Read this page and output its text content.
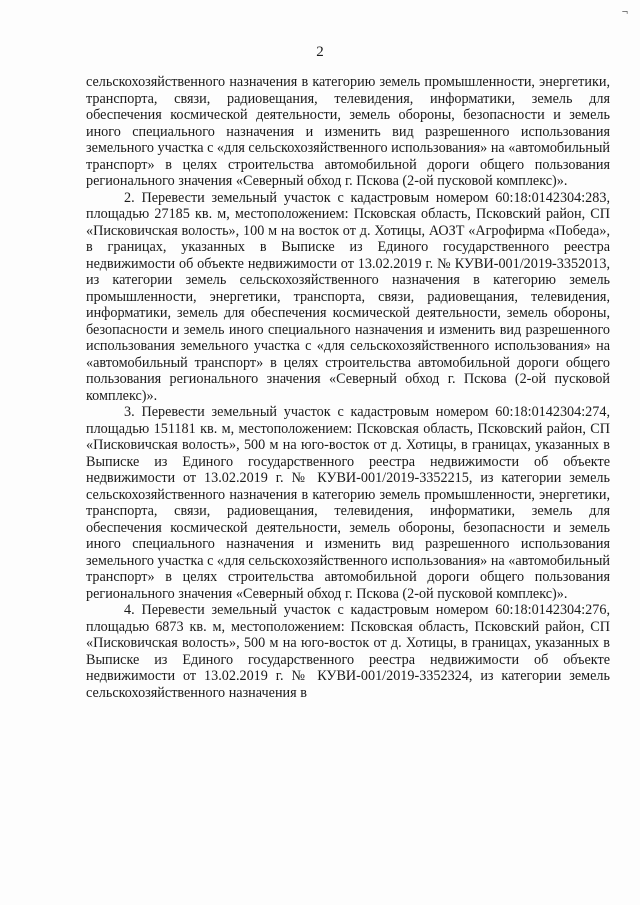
¬
2

сельскохозяйственного назначения в категорию земель промышленности, энергетики, транспорта, связи, радиовещания, телевидения, информатики, земель для обеспечения космической деятельности, земель обороны, безопасности и земель иного специального назначения и изменить вид разрешенного использования земельного участка с «для сельскохозяйственного использования» на «автомобильный транспорт» в целях строительства автомобильной дороги общего пользования регионального значения «Северный обход г. Пскова (2-ой пусковой комплекс)».

2. Перевести земельный участок с кадастровым номером 60:18:0142304:283, площадью 27185 кв. м, местоположением: Псковская область, Псковский район, СП «Писковичская волость», 100 м на восток от д. Хотицы, АОЗТ «Агрофирма «Победа», в границах, указанных в Выписке из Единого государственного реестра недвижимости об объекте недвижимости от 13.02.2019 г. № КУВИ-001/2019-3352013, из категории земель сельскохозяйственного назначения в категорию земель промышленности, энергетики, транспорта, связи, радиовещания, телевидения, информатики, земель для обеспечения космической деятельности, земель обороны, безопасности и земель иного специального назначения и изменить вид разрешенного использования земельного участка с «для сельскохозяйственного использования» на «автомобильный транспорт» в целях строительства автомобильной дороги общего пользования регионального значения «Северный обход г. Пскова (2-ой пусковой комплекс)».

3. Перевести земельный участок с кадастровым номером 60:18:0142304:274, площадью 151181 кв. м, местоположением: Псковская область, Псковский район, СП «Писковичская волость», 500 м на юго-восток от д. Хотицы, в границах, указанных в Выписке из Единого государственного реестра недвижимости об объекте недвижимости от 13.02.2019 г. № КУВИ-001/2019-3352215, из категории земель сельскохозяйственного назначения в категорию земель промышленности, энергетики, транспорта, связи, радиовещания, телевидения, информатики, земель для обеспечения космической деятельности, земель обороны, безопасности и земель иного специального назначения и изменить вид разрешенного использования земельного участка с «для сельскохозяйственного использования» на «автомобильный транспорт» в целях строительства автомобильной дороги общего пользования регионального значения «Северный обход г. Пскова (2-ой пусковой комплекс)».

4. Перевести земельный участок с кадастровым номером 60:18:0142304:276, площадью 6873 кв. м, местоположением: Псковская область, Псковский район, СП «Писковичская волость», 500 м на юго-восток от д. Хотицы, в границах, указанных в Выписке из Единого государственного реестра недвижимости об объекте недвижимости от 13.02.2019 г. № КУВИ-001/2019-3352324, из категории земель сельскохозяйственного назначения в
